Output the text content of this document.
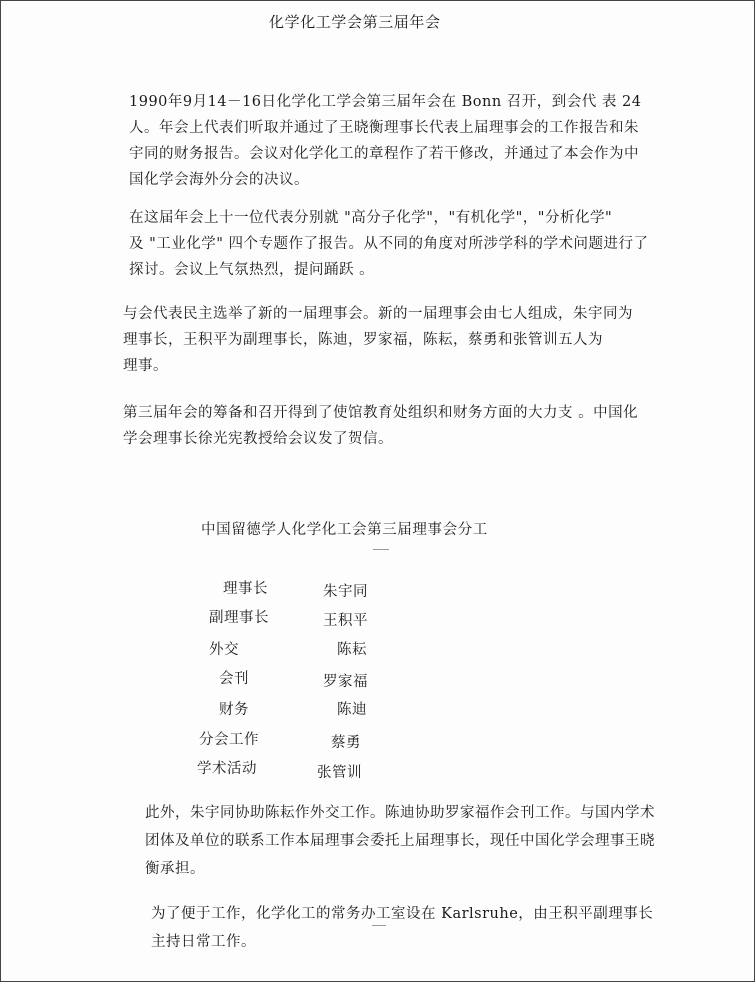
化学化工学会第三届年会
1990年9月14－16日化学化工学会第三届年会在 Bonn 召开，到会代 表 24
人。年会上代表们听取并通过了王晓衡理事长代表上届理事会的工作报告和朱
宇同的财务报告。会议对化学化工的章程作了若干修改，并通过了本会作为中
国化学会海外分会的决议。
在这届年会上十一位代表分别就 "高分子化学"，"有机化学"，"分析化学"
及 "工业化学" 四个专题作了报告。从不同的角度对所涉学科的学术问题进行了
探讨。会议上气氛热烈，提问踊跃 。
与会代表民主选举了新的一届理事会。新的一届理事会由七人组成，朱宇同为
理事长，王积平为副理事长，陈迪，罗家福，陈耘，蔡勇和张管训五人为
理事。
第三届年会的筹备和召开得到了使馆教育处组织和财务方面的大力支 。中国化
学会理事长徐光宪教授给会议发了贺信。
中国留德学人化学化工会第三届理事会分工
理事长	朱宇同
副理事长	王积平
外交	陈耘
会刊	罗家福
财务	陈迪
分会工作	蔡勇
学术活动	张管训
此外，朱宇同协助陈耘作外交工作。陈迪协助罗家福作会刊工作。与国内学术
团体及单位的联系工作本届理事会委托上届理事长，现任中国化学会理事王晓
衡承担。
为了便于工作，化学化工的常务办工室设在 Karlsruhe，由王积平副理事长
主持日常工作。
